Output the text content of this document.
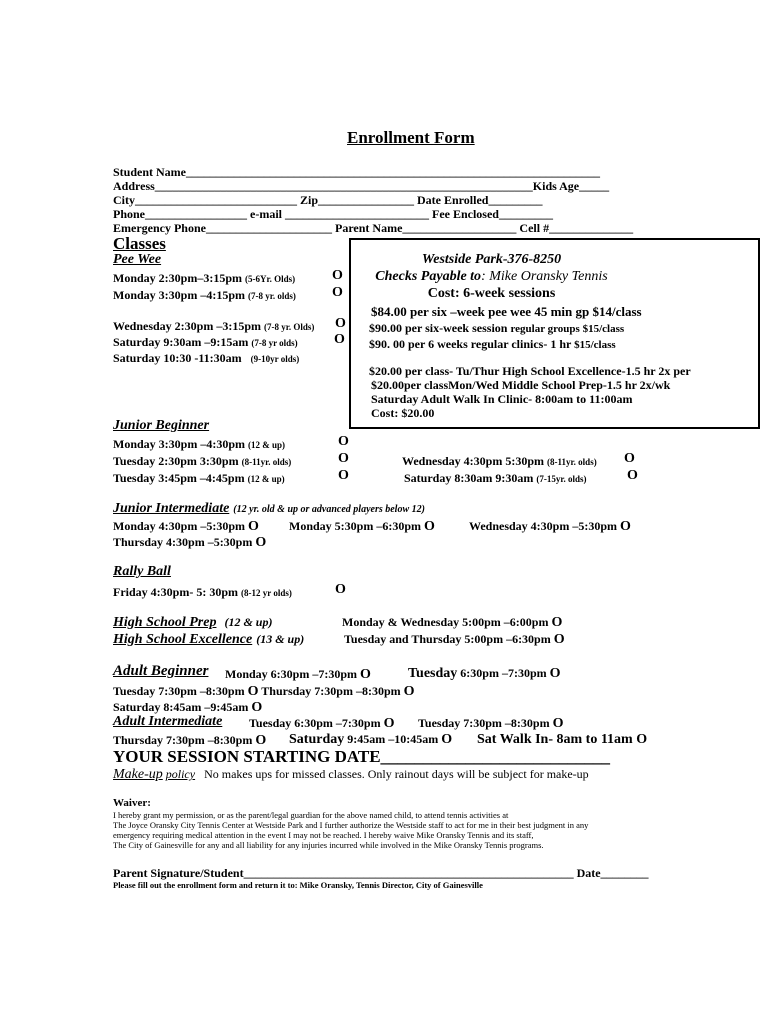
Enrollment Form
Student Name_____________________________________________________________________
Address_______________________________________________________________Kids Age_____
City___________________________ Zip________________ Date Enrolled_________
Phone_________________ e-mail ________________________ Fee Enclosed_________
Emergency Phone_____________________ Parent Name___________________ Cell #______________
Classes
Pee Wee
Monday 2:30pm–3:15pm (5-6Yr. Olds)	O
Monday 3:30pm –4:15pm (7-8 yr. olds)	O
Wednesday 2:30pm –3:15pm (7-8 yr. Olds) O
Saturday 9:30am –9:15am (7-8 yr olds)	O
Saturday 10:30 -11:30am (9-10yr olds)
Westside Park-376-8250
Checks Payable to: Mike Oransky Tennis
Cost: 6-week sessions
$84.00 per six –week pee wee 45 min gp $14/class
$90.00 per six-week session regular groups $15/class
$90. 00 per 6 weeks regular clinics- 1 hr $15/class
$20.00 per class- Tu/Thur High School Excellence-1.5 hr 2x per
$20.00per classMon/Wed Middle School Prep-1.5 hr 2x/wk
Saturday Adult Walk In Clinic- 8:00am to 11:00am
Cost: $20.00
Junior Beginner
Monday 3:30pm –4:30pm (12 & up)	O
Tuesday 2:30pm 3:30pm (8-11yr. olds)	O
Tuesday 3:45pm –4:45pm (12 & up)	O
Wednesday 4:30pm 5:30pm (8-11yr. olds) O
Saturday 8:30am 9:30am (7-15yr. olds)	O
Junior Intermediate (12 yr. old & up or advanced players below 12)
Monday 4:30pm –5:30pm O	Monday 5:30pm –6:30pm O	Wednesday 4:30pm –5:30pm O
Thursday 4:30pm –5:30pm O
Rally Ball
Friday 4:30pm- 5: 30pm (8-12 yr olds)	O
High School Prep (12 & up)
High School Excellence (13 & up)
Monday & Wednesday 5:00pm –6:00pm O
Tuesday and Thursday 5:00pm –6:30pm O
Adult Beginner Monday 6:30pm –7:30pm O	Tuesday 6:30pm –7:30pm O
Tuesday 7:30pm –8:30pm O Thursday 7:30pm –8:30pm O
Saturday 8:45am –9:45am O
Adult Intermediate Tuesday 6:30pm –7:30pm O Tuesday 7:30pm –8:30pm O
Thursday 7:30pm –8:30pm O Saturday 9:45am –10:45am O Sat Walk In- 8am to 11am O
YOUR SESSION STARTING DATE___________________________
Make-up policy No makes ups for missed classes. Only rainout days will be subject for make-up
Waiver:
I hereby grant my permission, or as the parent/legal guardian for the above named child, to attend tennis activities at
The Joyce Oransky City Tennis Center at Westside Park and I further authorize the Westside staff to act for me in their best judgment in any
emergency requiring medical attention in the event I may not be reached. I hereby waive Mike Oransky Tennis and its staff,
The City of Gainesville for any and all liability for any injuries incurred while involved in the Mike Oransky Tennis programs.
Parent Signature/Student_______________________________________________________ Date________
Please fill out the enrollment form and return it to: Mike Oransky, Tennis Director, City of Gainesville
